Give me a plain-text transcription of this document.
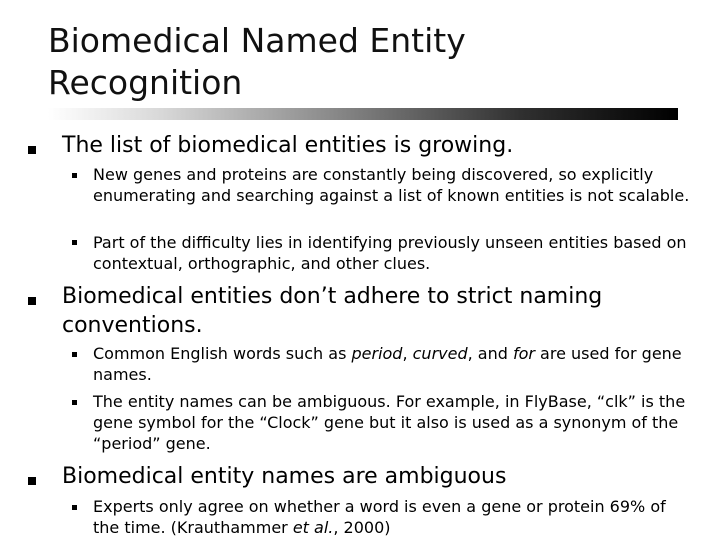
Biomedical Named Entity
Recognition
The list of biomedical entities is growing.
New genes and proteins are constantly being discovered, so explicitly enumerating and searching against a list of known entities is not scalable.
Part of the difficulty lies in identifying previously unseen entities based on contextual, orthographic, and other clues.
Biomedical entities don’t adhere to strict naming conventions.
Common English words such as period, curved, and for are used for gene names.
The entity names can be ambiguous. For example, in FlyBase, “clk” is the gene symbol for the “Clock” gene but it also is used as a synonym of the “period” gene.
Biomedical entity names are ambiguous
Experts only agree on whether a word is even a gene or protein 69% of the time. (Krauthammer et al., 2000)
